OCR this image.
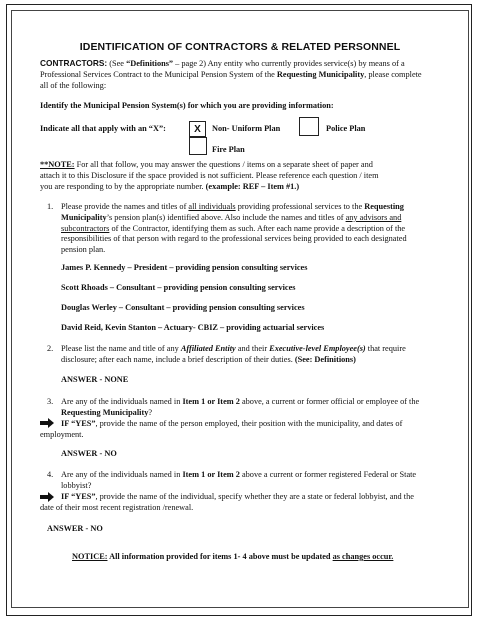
IDENTIFICATION OF CONTRACTORS & RELATED PERSONNEL
CONTRACTORS: (See “Definitions” – page 2) Any entity who currently provides service(s) by means of a
Professional Services Contract to the Municipal Pension System of the Requesting Municipality, please complete
all of the following:
Identify the Municipal Pension System(s) for which you are providing information:
Indicate all that apply with an “X”:	X	Non- Uniform Plan	Police Plan
Fire Plan
**NOTE: For all that follow, you may answer the questions / items on a separate sheet of paper and
attach it to this Disclosure if the space provided is not sufficient. Please reference each question / item
you are responding to by the appropriate number. (example: REF – Item #1.)
1. Please provide the names and titles of all individuals providing professional services to the Requesting
Municipality’s pension plan(s) identified above. Also include the names and titles of any advisors and
subcontractors of the Contractor, identifying them as such. After each name provide a description of the
responsibilities of that person with regard to the professional services being provided to each designated
pension plan.
James P. Kennedy – President – providing pension consulting services
Scott Rhoads – Consultant – providing pension consulting services
Douglas Werley – Consultant – providing pension consulting services
David Reid, Kevin Stanton – Actuary- CBIZ – providing actuarial services
2. Please list the name and title of any Affiliated Entity and their Executive-level Employee(s) that require
disclosure; after each name, include a brief description of their duties. (See: Definitions)
ANSWER - NONE
3. Are any of the individuals named in Item 1 or Item 2 above, a current or former official or employee of the
Requesting Municipality?
IF “YES”, provide the name of the person employed, their position with the municipality, and dates of
employment.
ANSWER - NO
4. Are any of the individuals named in Item 1 or Item 2 above a current or former registered Federal or State
lobbyist?
IF “YES”, provide the name of the individual, specify whether they are a state or federal lobbyist, and the
date of their most recent registration /renewal.
ANSWER - NO
NOTICE: All information provided for items 1- 4 above must be updated as changes occur.
